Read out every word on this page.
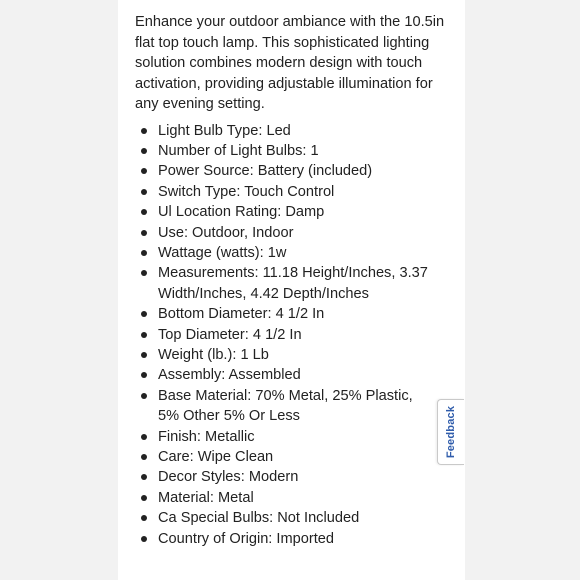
Enhance your outdoor ambiance with the 10.5in flat top touch lamp. This sophisticated lighting solution combines modern design with touch activation, providing adjustable illumination for any evening setting.

Light Bulb Type: Led
Number of Light Bulbs: 1
Power Source: Battery (included)
Switch Type: Touch Control
Ul Location Rating: Damp
Use: Outdoor, Indoor
Wattage (watts): 1w
Measurements: 11.18 Height/Inches, 3.37 Width/Inches, 4.42 Depth/Inches
Bottom Diameter: 4 1/2 In
Top Diameter: 4 1/2 In
Weight (lb.): 1 Lb
Assembly: Assembled
Base Material: 70% Metal, 25% Plastic, 5% Other 5% Or Less
Finish: Metallic
Care: Wipe Clean
Decor Styles: Modern
Material: Metal
Ca Special Bulbs: Not Included
Country of Origin: Imported
Feedback
